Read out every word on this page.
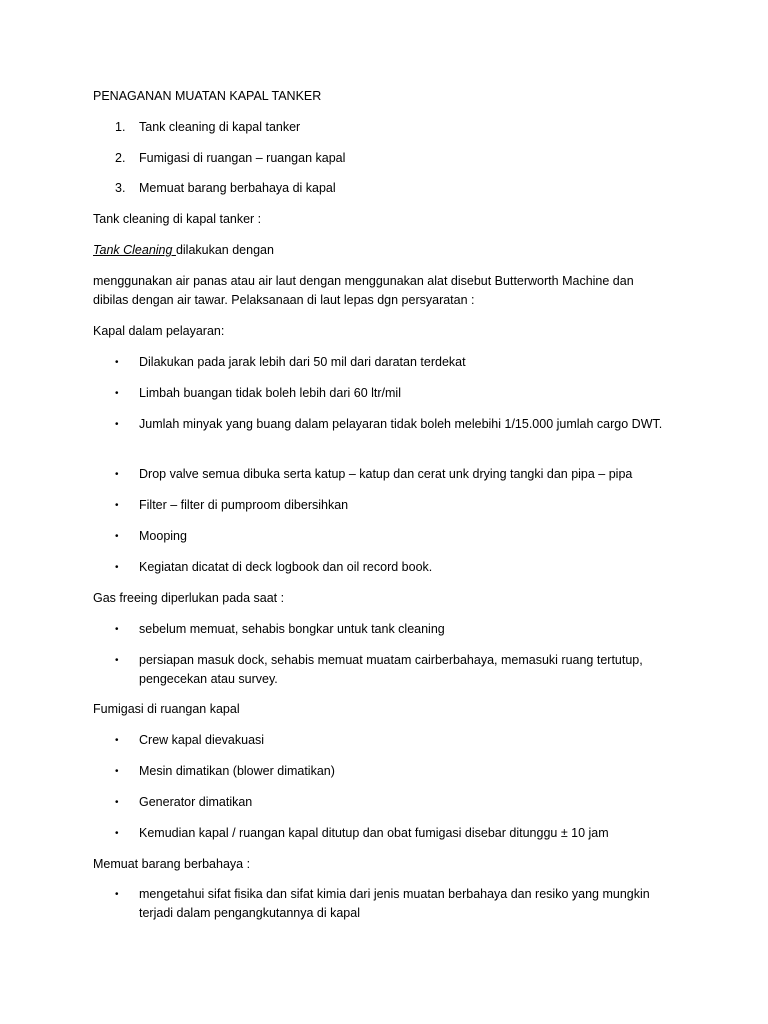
PENAGANAN MUATAN KAPAL TANKER

1. Tank cleaning di kapal tanker
2. Fumigasi di ruangan – ruangan kapal
3. Memuat barang berbahaya di kapal

Tank cleaning di kapal tanker :

Tank Cleaning dilakukan dengan

menggunakan air panas atau air laut dengan menggunakan alat disebut Butterworth Machine dan dibilas dengan air tawar. Pelaksanaan di laut lepas dgn persyaratan :

Kapal dalam pelayaran:

• Dilakukan pada jarak lebih dari 50 mil dari daratan terdekat
• Limbah buangan tidak boleh lebih dari 60 ltr/mil
• Jumlah minyak yang buang dalam pelayaran tidak boleh melebihi 1/15.000 jumlah cargo DWT.
• Drop valve semua dibuka serta katup – katup dan cerat unk drying tangki dan pipa – pipa
• Filter – filter di pumproom dibersihkan
• Mooping
• Kegiatan dicatat di deck logbook dan oil record book.

Gas freeing diperlukan pada saat :

• sebelum memuat, sehabis bongkar untuk tank cleaning
• persiapan masuk dock, sehabis memuat muatam cairberbahaya, memasuki ruang tertutup, pengecekan atau survey.

Fumigasi di ruangan kapal

• Crew kapal dievakuasi
• Mesin dimatikan (blower dimatikan)
• Generator dimatikan
• Kemudian kapal / ruangan kapal ditutup dan obat fumigasi disebar ditunggu ± 10 jam

Memuat barang berbahaya :

• mengetahui sifat fisika dan sifat kimia dari jenis muatan berbahaya dan resiko yang mungkin terjadi dalam pengangkutannya di kapal
